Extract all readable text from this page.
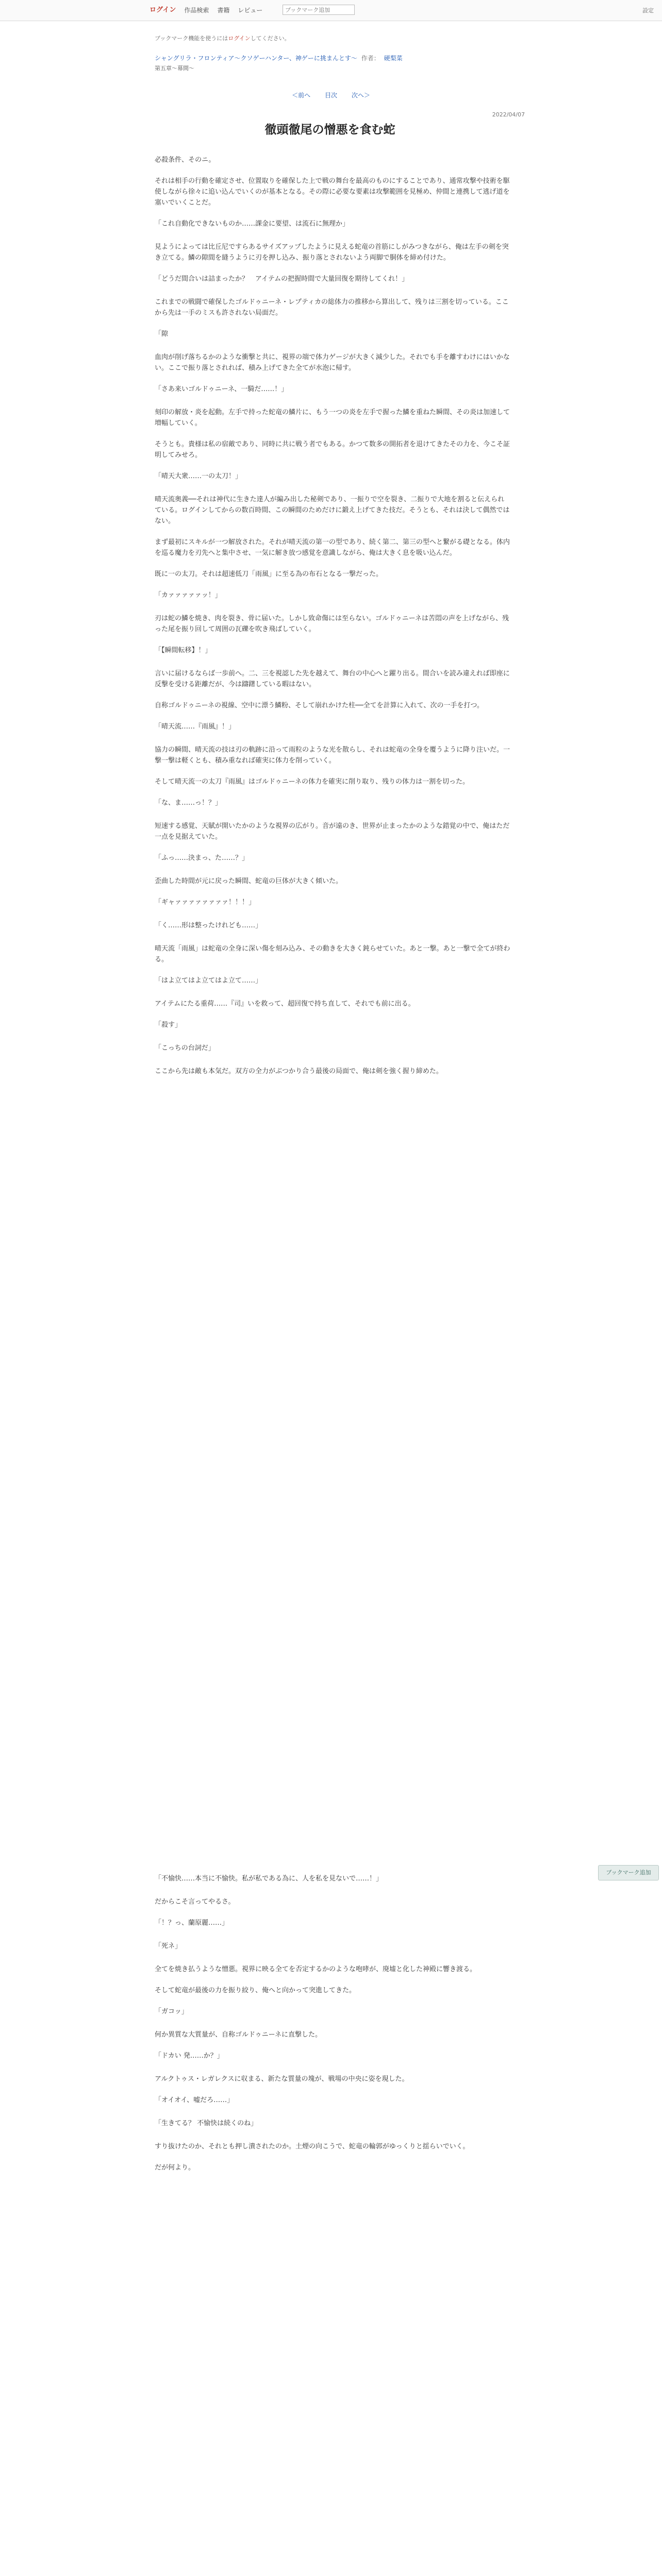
ログイン 作品検索 書籍 レビュー
ブックマーク追加	設定
ブックマーク機能を使うにはログインしてください。
シャングリラ・フロンティア〜クソゲーハンター、神ゲーに挑まんとす〜 作者： 硬梨菜
第五章〜幕間〜
＜前へ 目次 次へ＞
2022/04/07
徹頭徹尾の憎悪を食む蛇

必殺条件、そのニ。

それは相手の行動を確定させ、位置取りを確保した上で戦の舞台を最高のものにすることであり、通常攻撃や技術を駆使しながら徐々に追い込んでいくのが基本となる。その際に必要な要素は攻撃範囲を見極め、仲間と連携して逃げ道を塞いでいくことだ。

「これ自動化できないものか……課金に要望、は流石に無理か」

見ようによっては比丘尼ですらあるサイズアップしたように見える蛇竜の首筋にしがみつきながら、俺は左手の剣を突き立てる。鱗の隙間を縫うように刃を押し込み、振り落とされないよう両脚で胴体を締め付けた。

「どうだ間合いは詰まったか？　アイテムの把握時間で大量回復を期待してくれ！」

これまでの戦闘で確保したゴルドゥニーネ・レプティカの総体力の推移から算出して、残りは三割を切っている。ここから先は一手のミスも許されない局面だ。

「隙

血肉が削げ落ちるかのような衝撃と共に、視界の端で体力ゲージが大きく減少した。それでも手を離すわけにはいかない。ここで振り落とされれば、積み上げてきた全てが水泡に帰す。

「さあ来いゴルドゥニーネ、一騎だ……！」

刻印の解放・炎を起動。左手で持った蛇竜の鱗片に、もう一つの炎を左手で握った鱗を重ねた瞬間、その炎は加速して増幅していく。

そうとも。貴様は私の宿敵であり、同時に共に戦う者でもある。かつて数多の開拓者を退けてきたその力を、今こそ証明してみせろ。

「晴天大衆……一の太刀！」

晴天流奥義──それは神代に生きた達人が編み出した秘剣であり、一振りで空を裂き、二振りで大地を割ると伝えられている。ログインしてからの数百時間、この瞬間のためだけに鍛え上げてきた技だ。そうとも、それは決して偶然ではない。

まず最初にスキルが一つ解放された。それが晴天流の第一の型であり、続く第二、第三の型へと繋がる礎となる。体内を巡る魔力を刃先へと集中させ、一気に解き放つ感覚を意識しながら、俺は大きく息を吸い込んだ。

既に一の太刀。それは超速低刀「雨風」に至る為の布石となる一撃だった。

「カァァァァァッ！」

刃は蛇の鱗を焼き、肉を裂き、骨に届いた。しかし致命傷には至らない。ゴルドゥニーネは苦悶の声を上げながら、残った尾を振り回して周囲の瓦礫を吹き飛ばしていく。

「【瞬間転移】！」

言いに届けるならば一歩前へ。二、三を視認した先を越えて、舞台の中心へと躍り出る。間合いを読み違えれば即座に反撃を受ける距離だが、今は躊躇している暇はない。

自称ゴルドゥニーネの視線、空中に漂う鱗粉、そして崩れかけた柱──全てを計算に入れて、次の一手を打つ。

「晴天流……『雨風』！」

協力の瞬間、晴天流の技は刃の軌跡に沿って雨粒のような光を散らし、それは蛇竜の全身を覆うように降り注いだ。一撃一撃は軽くとも、積み重なれば確実に体力を削っていく。

そして晴天流一の太刀『雨風』はゴルドゥニーネの体力を確実に削り取り、残りの体力は一割を切った。

「な、ま……っ！？」

短速する感覚、天賦が開いたかのような視界の広がり。音が遠のき、世界が止まったかのような錯覚の中で、俺はただ一点を見据えていた。

「ふっ……決まっ、た……？」

歪曲した時間が元に戻った瞬間、蛇竜の巨体が大きく傾いた。

「ギャァァァァァァァァ！！！」

「く……形は整ったけれども……」

晴天流「雨風」は蛇竜の全身に深い傷を刻み込み、その動きを大きく鈍らせていた。あと一撃。あと一撃で全てが終わる。

「はよ立てはよ立てはよ立て……」

アイテムにたる重荷……『司』いを救って、超回復で持ち直して、それでも前に出る。

「殺す」

「こっちの台詞だ」

ここから先は敵も本気だ。双方の全力がぶつかり合う最後の局面で、俺は剣を強く握り締めた。

「不愉快……本当に不愉快。私が私である為に、人を私を見ないで……！」

だからこそ言ってやるさ。

「！？っ、蘭原麗……」

「死ネ」

全てを焼き払うような憎悪。視界に映る全てを否定するかのような咆哮が、廃墟と化した神殿に響き渡る。

そして蛇竜が最後の力を振り絞り、俺へと向かって突進してきた。

「ガコッ」

何か異質な大質量が、自称ゴルドゥニーネに直撃した。

「ドカい 発……か？」

アルクトゥス・レガレクスに収まる、新たな質量の塊が、戦場の中央に姿を現した。

「オイオイ、嘘だろ……」

「生きてる？ 不愉快は続くのね」

すり抜けたのか、それとも押し潰されたのか。土煙の向こうで、蛇竜の輪郭がゆっくりと揺らいでいく。

だが何より。

ブックマーク追加
